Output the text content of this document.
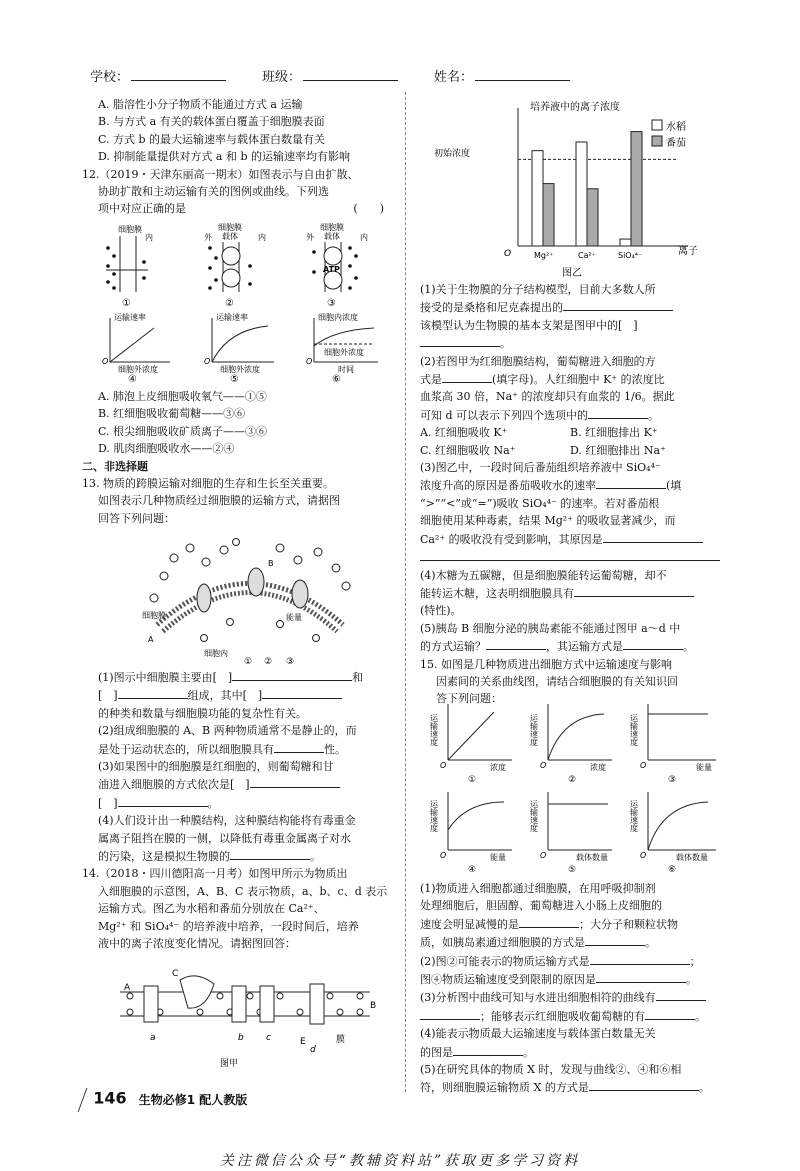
学校：	班级：	姓名：

A. 脂溶性小分子物质不能通过方式 a 运输

B. 与方式 a 有关的载体蛋白覆盖于细胞膜表面

C. 方式 b 的最大运输速率与载体蛋白数量有关

D. 抑制能量提供对方式 a 和 b 的运输速率均有影响

12.（2019・天津东丽高一期末）如图表示与自由扩散、

协助扩散和主动运输有关的图例或曲线。下列选

项中对应正确的是	(　　)

细胞膜
内
①
外
细胞膜
载体	内
②
外
细胞膜
载体	内
ATP
③
运输速率
细胞外浓度
O
④
运输速率
细胞外浓度
O
⑤
细胞内浓度
细胞外浓度
时间
O
⑥

A. 肺泡上皮细胞吸收氧气——①⑤

B. 红细胞吸收葡萄糖——③⑥

C. 根尖细胞吸收矿质离子——③⑥

D. 肌肉细胞吸收水——②④

二、非选择题

13. 物质的跨膜运输对细胞的生存和生长至关重要。

如图表示几种物质经过细胞膜的运输方式，请据图

回答下列问题：

B
细胞膜
A
能量
细胞内
① ② ③

(1)图示中细胞膜主要由[　]	和

[　]	组成，其中[　]

的种类和数量与细胞膜功能的复杂性有关。

(2)组成细胞膜的 A、B 两种物质通常不是静止的，而

是处于运动状态的，所以细胞膜具有	性。

(3)如果图中的细胞膜是红细胞的，则葡萄糖和甘

油进入细胞膜的方式依次是[　]

[　]	。

(4)人们设计出一种膜结构，这种膜结构能将有毒重金

属离子阻挡在膜的一侧，以降低有毒重金属离子对水

的污染，这是模拟生物膜的	。

14.（2018・四川德阳高一月考）如图甲所示为物质出

入细胞膜的示意图，A、B、C 表示物质，a、b、c、d 表示

运输方式。图乙为水稻和番茄分别放在 Ca²⁺、

Mg²⁺ 和 SiO₄⁴⁻ 的培养液中培养，一段时间后，培养

液中的离子浓度变化情况。请据图回答：

A
B
C
E
a	b c
d
膜
图甲
培养液中的离子浓度
初始浓度
O	离子
图乙
水稻
番茄
Mg²⁺	Ca²⁺	SiO₄⁴⁻

(1)关于生物膜的分子结构模型，目前大多数人所

接受的是桑格和尼克森提出的

该模型认为生物膜的基本支架是图甲中的[　]

。

(2)若图甲为红细胞膜结构，葡萄糖进入细胞的方

式是	(填字母)。人红细胞中 K⁺ 的浓度比

血浆高 30 倍，Na⁺ 的浓度却只有血浆的 1/6。据此

可知 d 可以表示下列四个选项中的	。

A. 红细胞吸收 K⁺	B. 红细胞排出 K⁺

C. 红细胞吸收 Na⁺	D. 红细胞排出 Na⁺

(3)图乙中，一段时间后番茄组织培养液中 SiO₄⁴⁻

浓度升高的原因是番茄吸收水的速率	(填

“>”“<”或“=”)吸收 SiO₄⁴⁻ 的速率。若对番茄根

细胞使用某种毒素，结果 Mg²⁺ 的吸收显著减少，而

Ca²⁺ 的吸收没有受到影响，其原因是

(4)木糖为五碳糖，但是细胞膜能转运葡萄糖，却不

能转运木糖，这表明细胞膜具有

(特性)。

(5)胰岛 B 细胞分泌的胰岛素能不能通过图甲 a～d 中

的方式运输？	，其运输方式是	。

15. 如图是几种物质进出细胞方式中运输速度与影响

因素间的关系曲线图，请结合细胞膜的有关知识回

答下列问题：

运输速度
浓度
O
①
运输速度
浓度
O
②
运输速度
能量
O
③
运输速度
能量
O
④
运输速度
载体数量
O
⑤
运输速度
载体数量
O
⑥

(1)物质进入细胞都通过细胞膜，在用呼吸抑制剂

处理细胞后，胆固醇、葡萄糖进入小肠上皮细胞的

速度会明显减慢的是	；大分子和颗粒状物

质，如胰岛素通过细胞膜的方式是	。

(2)图②可能表示的物质运输方式是	；

图④物质运输速度受到限制的原因是	。

(3)分析图中曲线可知与水进出细胞相符的曲线有

；能够表示红细胞吸收葡萄糖的有	。

(4)能表示物质最大运输速度与载体蛋白数量无关

的图是	。

(5)在研究具体的物质 X 时，发现与曲线②、④和⑥相

符，则细胞膜运输物质 X 的方式是	。

146 生物必修1 配人教版
关注微信公众号“教辅资料站”获取更多学习资料
